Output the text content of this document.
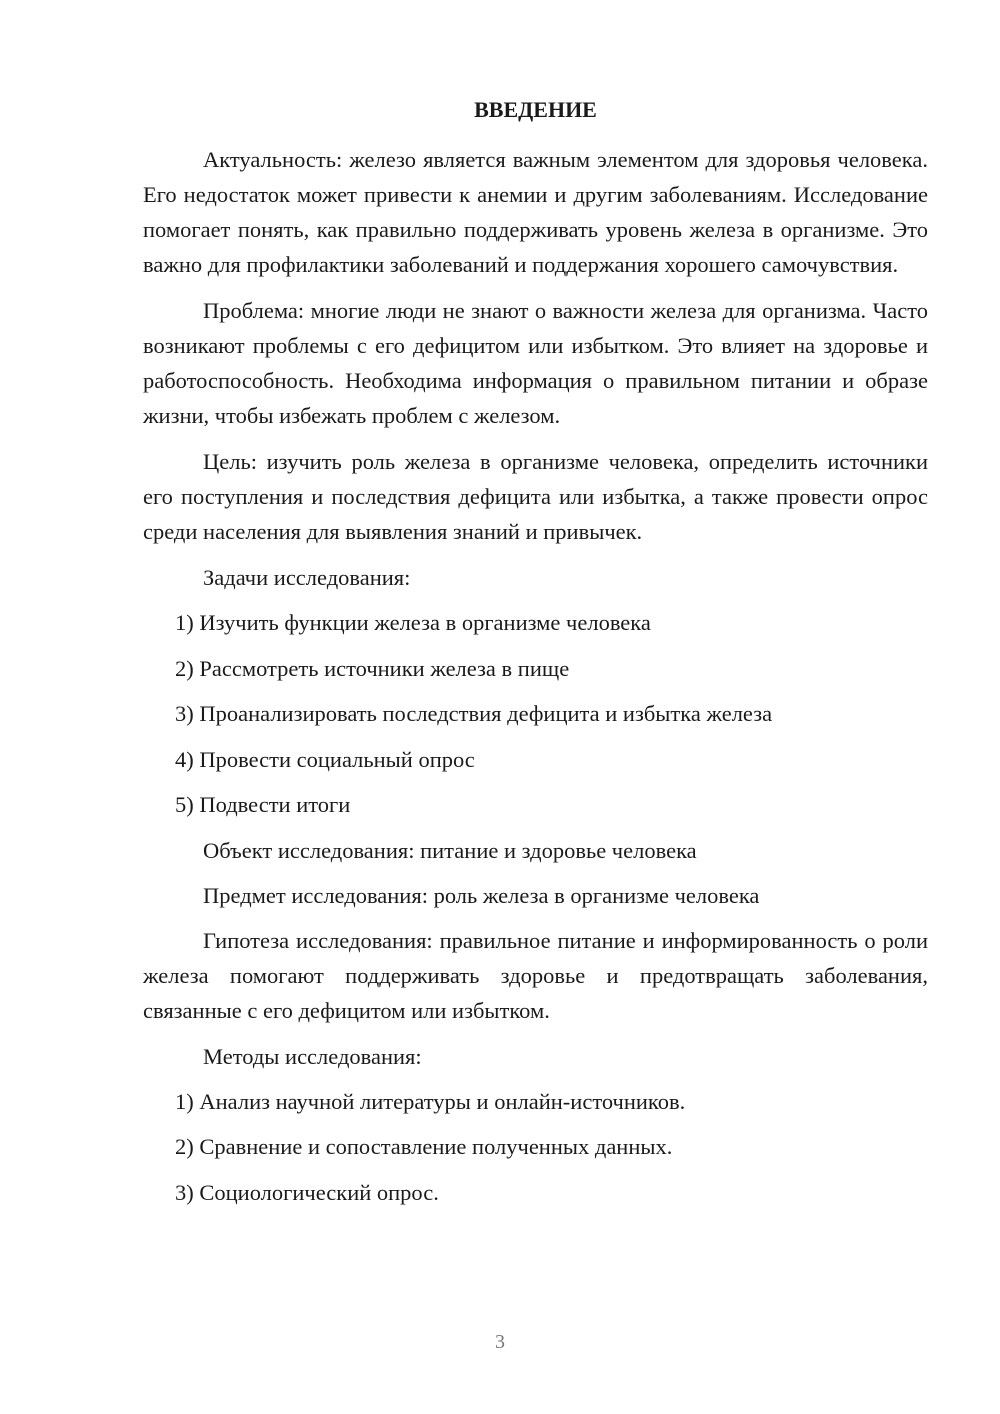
ВВЕДЕНИЕ

Актуальность: железо является важным элементом для здоровья человека. Его недостаток может привести к анемии и другим заболеваниям. Исследование помогает понять, как правильно поддерживать уровень железа в организме. Это важно для профилактики заболеваний и поддержания хорошего самочувствия.

Проблема: многие люди не знают о важности железа для организма. Часто возникают проблемы с его дефицитом или избытком. Это влияет на здоровье и работоспособность. Необходима информация о правильном питании и образе жизни, чтобы избежать проблем с железом.

Цель: изучить роль железа в организме человека, определить источники его поступления и последствия дефицита или избытка, а также провести опрос среди населения для выявления знаний и привычек.

Задачи исследования:

1) Изучить функции железа в организме человека
2) Рассмотреть источники железа в пище
3) Проанализировать последствия дефицита и избытка железа
4) Провести социальный опрос
5) Подвести итоги

Объект исследования: питание и здоровье человека

Предмет исследования: роль железа в организме человека

Гипотеза исследования: правильное питание и информированность о роли железа помогают поддерживать здоровье и предотвращать заболевания, связанные с его дефицитом или избытком.

Методы исследования:

1) Анализ научной литературы и онлайн-источников.
2) Сравнение и сопоставление полученных данных.
3) Социологический опрос.
3
